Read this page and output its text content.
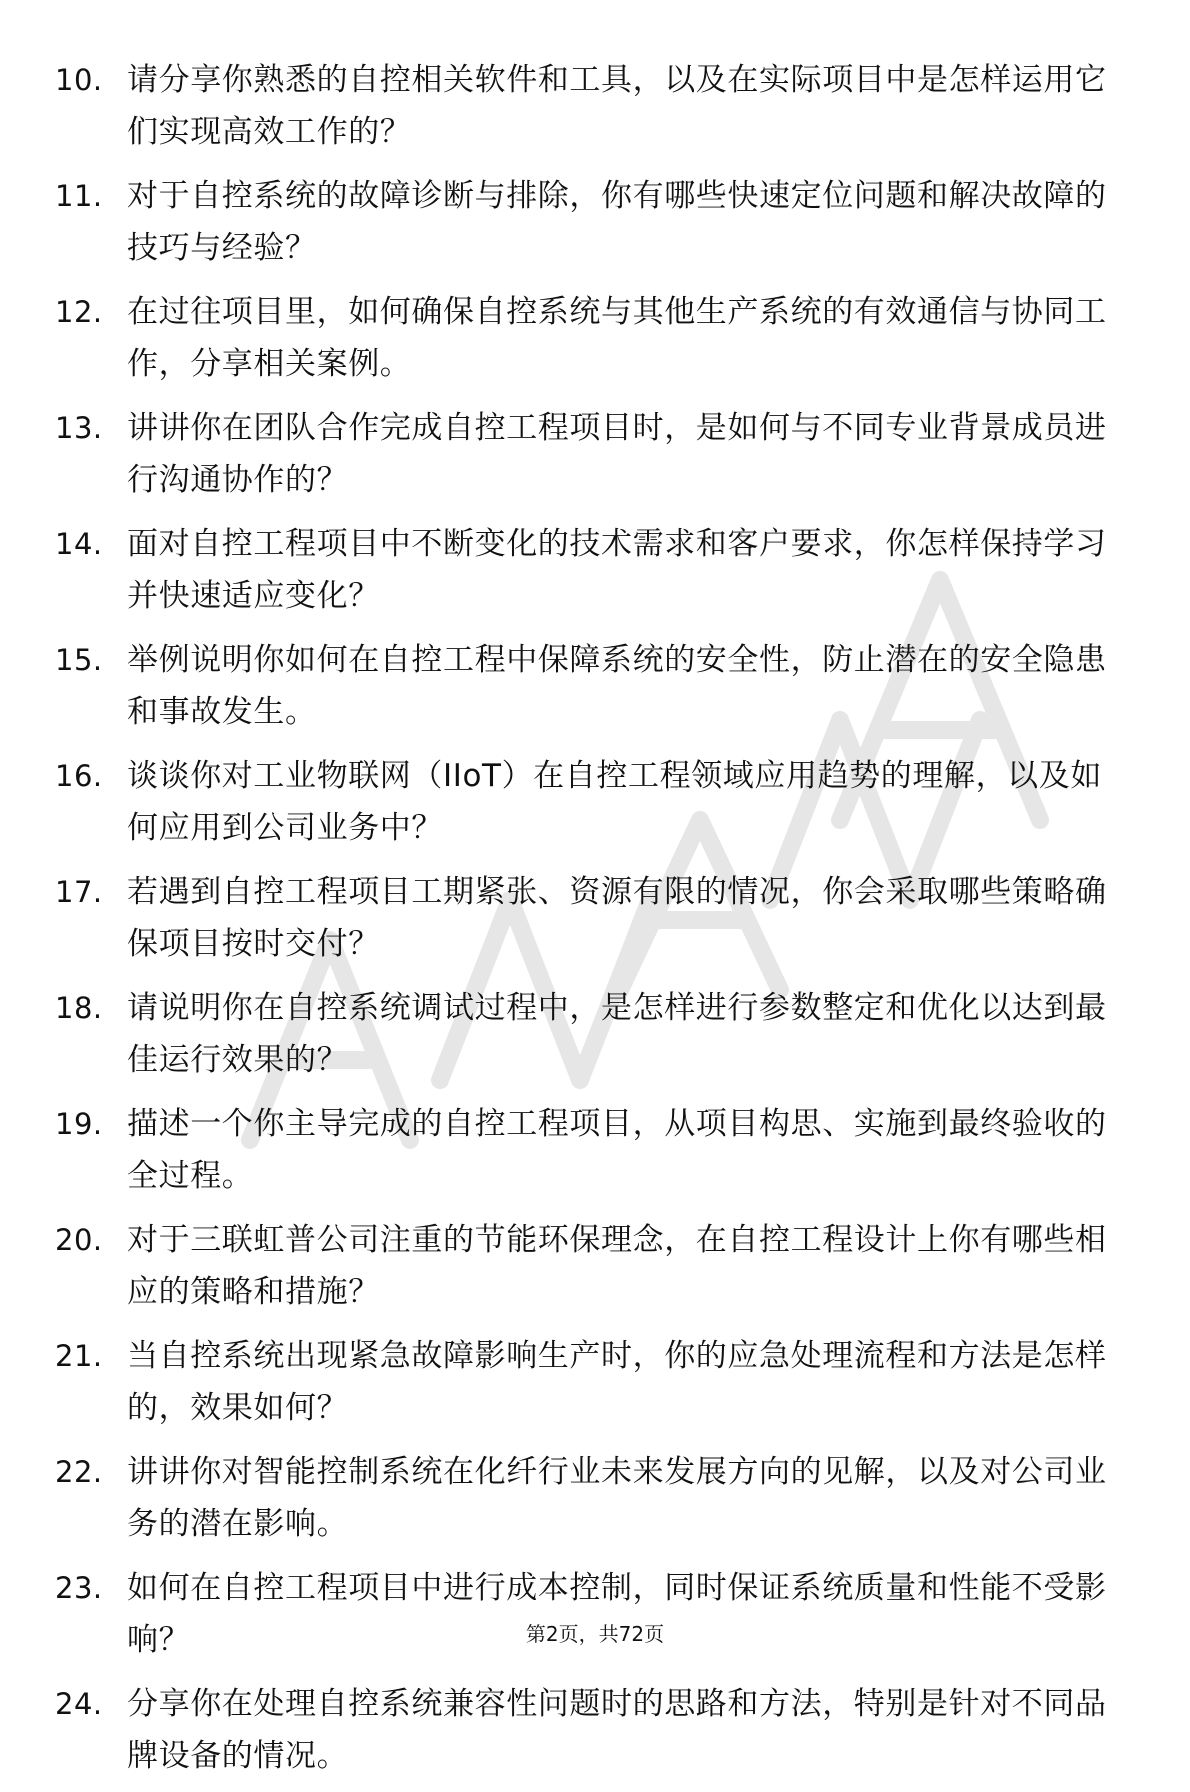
10. 请分享你熟悉的自控相关软件和工具，以及在实际项目中是怎样运用它们实现高效工作的？
11. 对于自控系统的故障诊断与排除，你有哪些快速定位问题和解决故障的技巧与经验？
12. 在过往项目里，如何确保自控系统与其他生产系统的有效通信与协同工作，分享相关案例。
13. 讲讲你在团队合作完成自控工程项目时，是如何与不同专业背景成员进行沟通协作的？
14. 面对自控工程项目中不断变化的技术需求和客户要求，你怎样保持学习并快速适应变化？
15. 举例说明你如何在自控工程中保障系统的安全性，防止潜在的安全隐患和事故发生。
16. 谈谈你对工业物联网（IIoT）在自控工程领域应用趋势的理解，以及如何应用到公司业务中？
17. 若遇到自控工程项目工期紧张、资源有限的情况，你会采取哪些策略确保项目按时交付？
18. 请说明你在自控系统调试过程中，是怎样进行参数整定和优化以达到最佳运行效果的？
19. 描述一个你主导完成的自控工程项目，从项目构思、实施到最终验收的全过程。
20. 对于三联虹普公司注重的节能环保理念，在自控工程设计上你有哪些相应的策略和措施？
21. 当自控系统出现紧急故障影响生产时，你的应急处理流程和方法是怎样的，效果如何？
22. 讲讲你对智能控制系统在化纤行业未来发展方向的见解，以及对公司业务的潜在影响。
23. 如何在自控工程项目中进行成本控制，同时保证系统质量和性能不受影响？
24. 分享你在处理自控系统兼容性问题时的思路和方法，特别是针对不同品牌设备的情况。
第2页，共72页
